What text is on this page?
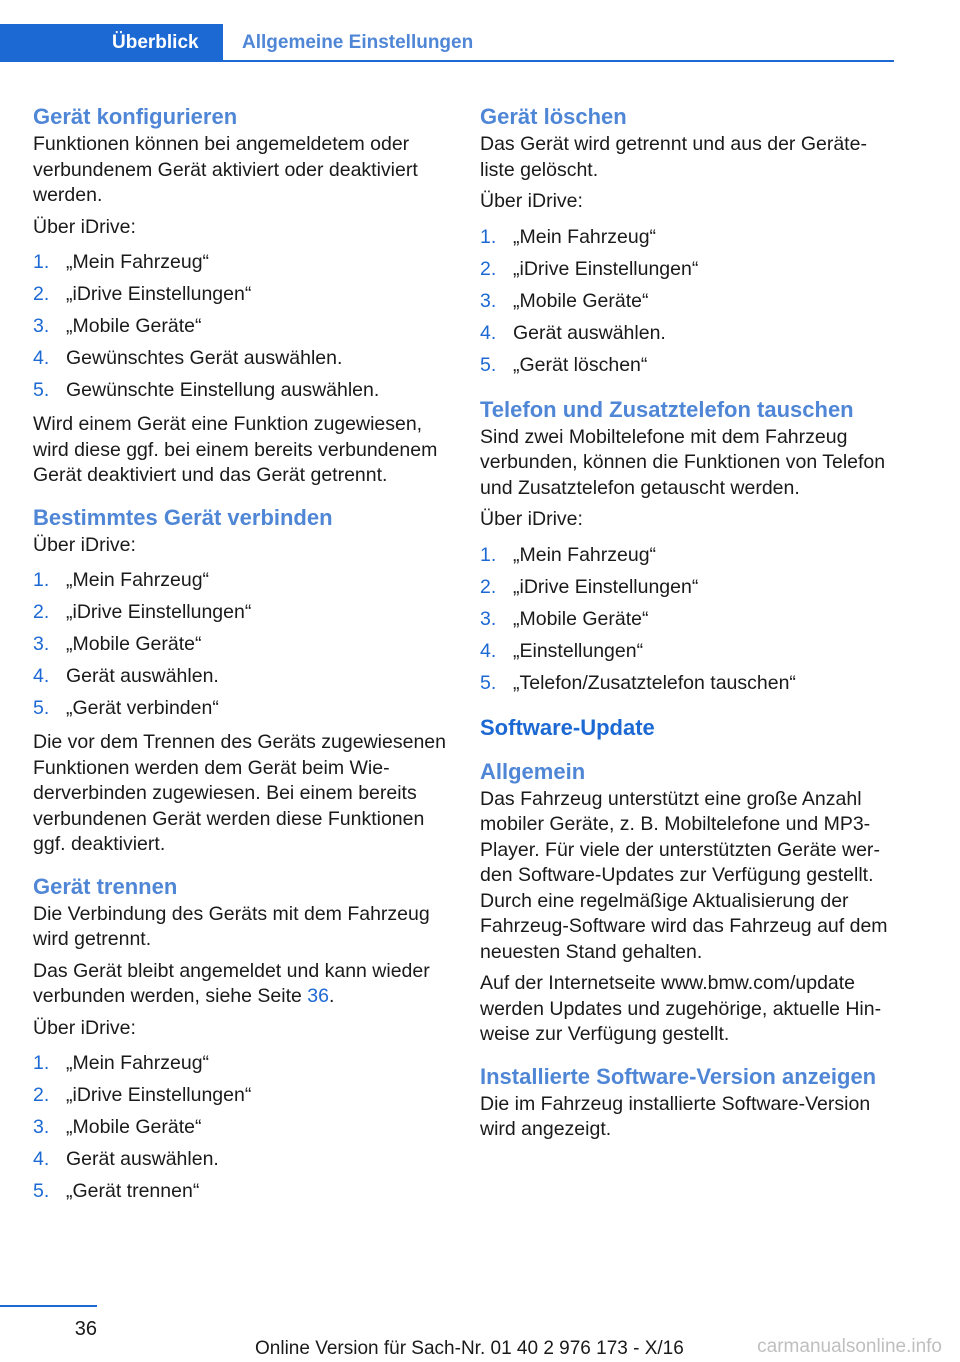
Überblick	Allgemeine Einstellungen
Gerät konfigurieren

Funktionen können bei angemeldetem oder verbundenem Gerät aktiviert oder deaktiviert werden.

Über iDrive:

1. „Mein Fahrzeug“
2. „iDrive Einstellungen“
3. „Mobile Geräte“
4. Gewünschtes Gerät auswählen.
5. Gewünschte Einstellung auswählen.

Wird einem Gerät eine Funktion zugewiesen, wird diese ggf. bei einem bereits verbundenem Gerät deaktiviert und das Gerät getrennt.

Bestimmtes Gerät verbinden

Über iDrive:

1. „Mein Fahrzeug“
2. „iDrive Einstellungen“
3. „Mobile Geräte“
4. Gerät auswählen.
5. „Gerät verbinden“

Die vor dem Trennen des Geräts zugewiesenen Funktionen werden dem Gerät beim Wiederverbinden zugewiesen. Bei einem bereits verbundenen Gerät werden diese Funktionen ggf. deaktiviert.

Gerät trennen

Die Verbindung des Geräts mit dem Fahrzeug wird getrennt.

Das Gerät bleibt angemeldet und kann wieder verbunden werden, siehe Seite 36.

Über iDrive:

1. „Mein Fahrzeug“
2. „iDrive Einstellungen“
3. „Mobile Geräte“
4. Gerät auswählen.
5. „Gerät trennen“
Gerät löschen

Das Gerät wird getrennt und aus der Geräteliste gelöscht.

Über iDrive:

1. „Mein Fahrzeug“
2. „iDrive Einstellungen“
3. „Mobile Geräte“
4. Gerät auswählen.
5. „Gerät löschen“
Telefon und Zusatztelefon tauschen

Sind zwei Mobiltelefone mit dem Fahrzeug verbunden, können die Funktionen von Telefon und Zusatztelefon getauscht werden.

Über iDrive:

1. „Mein Fahrzeug“
2. „iDrive Einstellungen“
3. „Mobile Geräte“
4. „Einstellungen“
5. „Telefon/Zusatztelefon tauschen“
Software-Update
Allgemein

Das Fahrzeug unterstützt eine große Anzahl mobiler Geräte, z. B. Mobiltelefone und MP3-Player. Für viele der unterstützten Geräte werden Software-Updates zur Verfügung gestellt. Durch eine regelmäßige Aktualisierung der Fahrzeug-Software wird das Fahrzeug auf dem neuesten Stand gehalten.

Auf der Internetseite www.bmw.com/update werden Updates und zugehörige, aktuelle Hinweise zur Verfügung gestellt.

Installierte Software-Version anzeigen

Die im Fahrzeug installierte Software-Version wird angezeigt.

36
Online Version für Sach-Nr. 01 40 2 976 173 - X/16	carmanualsonline.info
